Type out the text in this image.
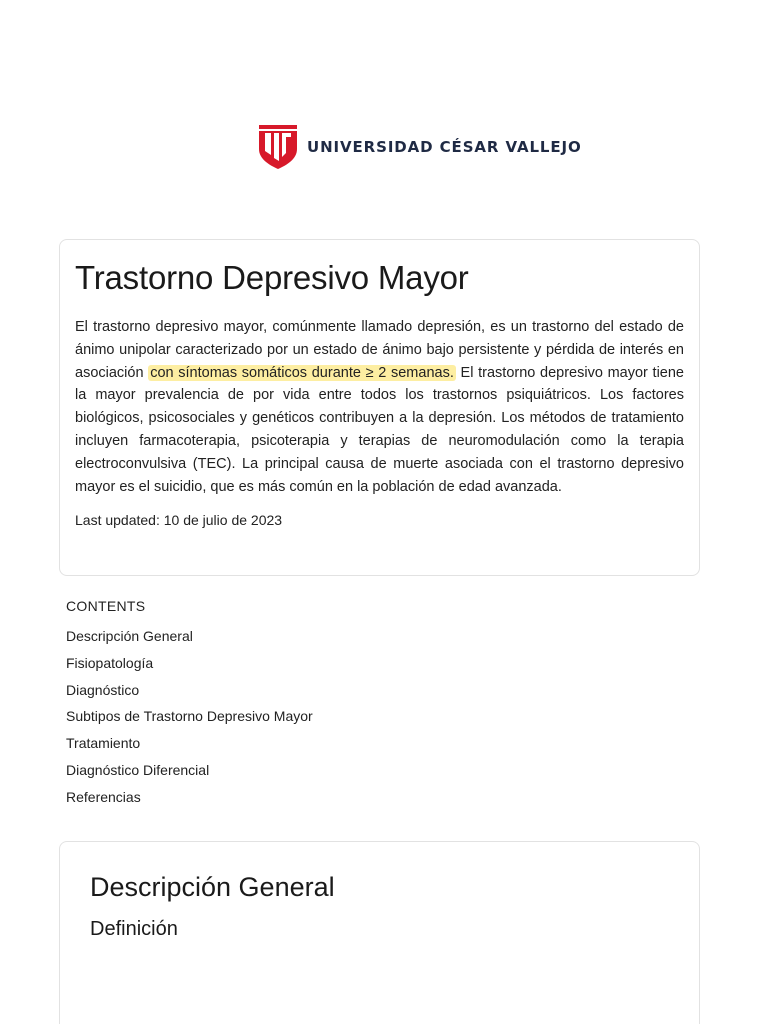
UNIVERSIDAD CÉSAR VALLEJO
Trastorno Depresivo Mayor

El trastorno depresivo mayor, comúnmente llamado depresión, es un trastorno del estado de ánimo unipolar caracterizado por un estado de ánimo bajo persistente y pérdida de interés en asociación con síntomas somáticos durante ≥ 2 semanas. El trastorno depresivo mayor tiene la mayor prevalencia de por vida entre todos los trastornos psiquiátricos. Los factores biológicos, psicosociales y genéticos contribuyen a la depresión. Los métodos de tratamiento incluyen farmacoterapia, psicoterapia y terapias de neuromodulación como la terapia electroconvulsiva (TEC). La principal causa de muerte asociada con el trastorno depresivo mayor es el suicidio, que es más común en la población de edad avanzada.

Last updated: 10 de julio de 2023
CONTENTS
Descripción General
Fisiopatología
Diagnóstico
Subtipos de Trastorno Depresivo Mayor
Tratamiento
Diagnóstico Diferencial
Referencias
Descripción General
Definición
